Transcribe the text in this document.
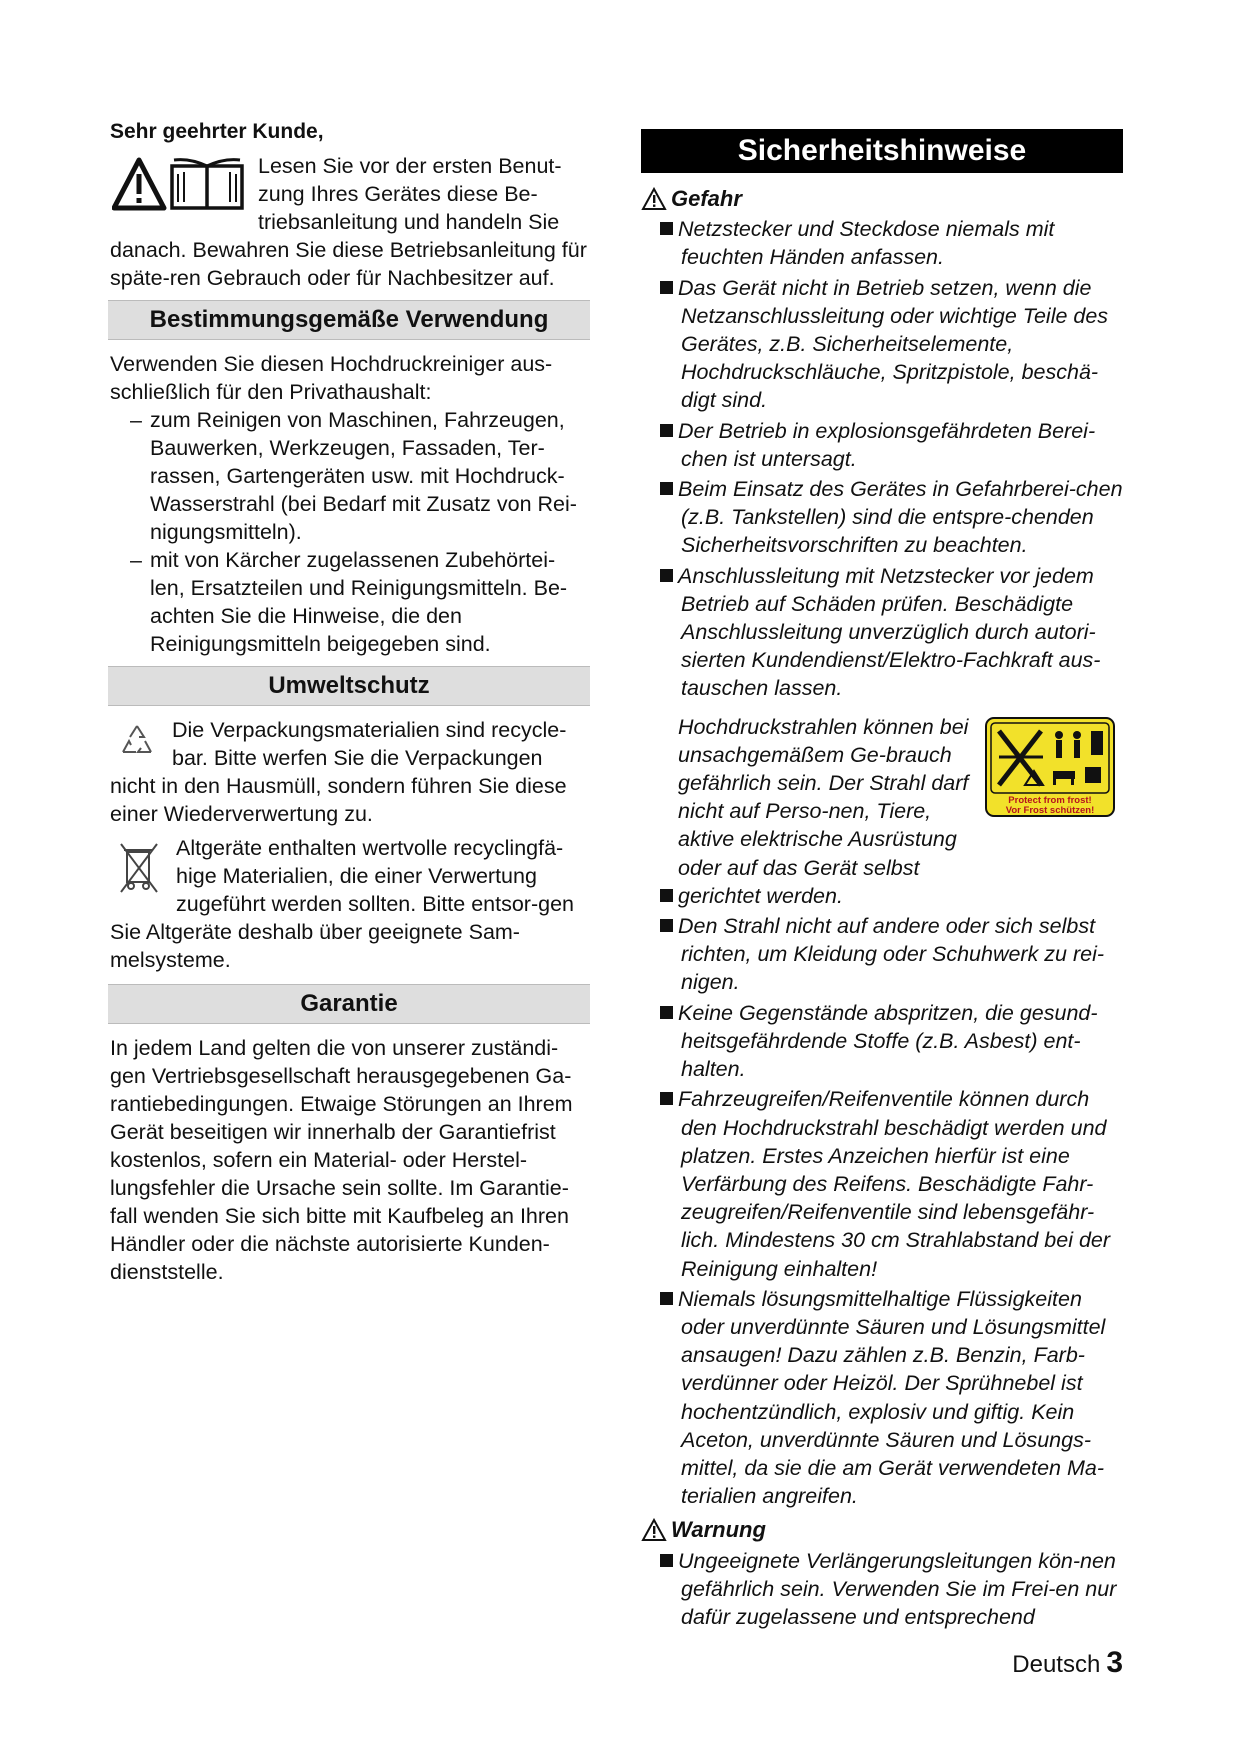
Sehr geehrter Kunde,

Lesen Sie vor der ersten Benut-zung Ihres Gerätes diese Be-triebsanleitung und handeln Sie danach. Bewahren Sie diese Betriebsanleitung für späte-ren Gebrauch oder für Nachbesitzer auf.

Bestimmungsgemäße Verwendung

Verwenden Sie diesen Hochdruckreiniger aus-schließlich für den Privathaushalt:

– zum Reinigen von Maschinen, Fahrzeugen, Bauwerken, Werkzeugen, Fassaden, Ter-rassen, Gartengeräten usw. mit Hochdruck-Wasserstrahl (bei Bedarf mit Zusatz von Rei-nigungsmitteln).
– mit von Kärcher zugelassenen Zubehörtei-len, Ersatzteilen und Reinigungsmitteln. Be-achten Sie die Hinweise, die den Reinigungsmitteln beigegeben sind.
Umweltschutz

Die Verpackungsmaterialien sind recycle-bar. Bitte werfen Sie die Verpackungen nicht in den Hausmüll, sondern führen Sie diese einer Wiederverwertung zu.

Altgeräte enthalten wertvolle recyclingfä-hige Materialien, die einer Verwertung zugeführt werden sollten. Bitte entsor-gen Sie Altgeräte deshalb über geeignete Sam-melsysteme.

Garantie

In jedem Land gelten die von unserer zuständi-gen Vertriebsgesellschaft herausgegebenen Ga-rantiebedingungen. Etwaige Störungen an Ihrem Gerät beseitigen wir innerhalb der Garantiefrist kostenlos, sofern ein Material- oder Herstel-lungsfehler die Ursache sein sollte. Im Garantie-fall wenden Sie sich bitte mit Kaufbeleg an Ihren Händler oder die nächste autorisierte Kunden-dienststelle.

Sicherheitshinweise
Gefahr
Netzstecker und Steckdose niemals mit feuchten Händen anfassen.
Das Gerät nicht in Betrieb setzen, wenn die Netzanschlussleitung oder wichtige Teile des Gerätes, z.B. Sicherheitselemente, Hochdruckschläuche, Spritzpistole, beschä-digt sind.
Der Betrieb in explosionsgefährdeten Berei-chen ist untersagt.
Beim Einsatz des Gerätes in Gefahrberei-chen (z.B. Tankstellen) sind die entspre-chenden Sicherheitsvorschriften zu beachten.
Anschlussleitung mit Netzstecker vor jedem Betrieb auf Schäden prüfen. Beschädigte Anschlussleitung unverzüglich durch autori-sierten Kundendienst/Elektro-Fachkraft aus-tauschen lassen.
Protect from frost!
Vor Frost schützen!
Hochdruckstrahlen können bei unsachgemäßem Ge-brauch gefährlich sein. Der Strahl darf nicht auf Perso-nen, Tiere, aktive elektrische Ausrüstung oder auf das Gerät selbst gerichtet werden.
Den Strahl nicht auf andere oder sich selbst richten, um Kleidung oder Schuhwerk zu rei-nigen.
Keine Gegenstände abspritzen, die gesund-heitsgefährdende Stoffe (z.B. Asbest) ent-halten.
Fahrzeugreifen/Reifenventile können durch den Hochdruckstrahl beschädigt werden und platzen. Erstes Anzeichen hierfür ist eine Verfärbung des Reifens. Beschädigte Fahr-zeugreifen/Reifenventile sind lebensgefähr-lich. Mindestens 30 cm Strahlabstand bei der Reinigung einhalten!
Niemals lösungsmittelhaltige Flüssigkeiten oder unverdünnte Säuren und Lösungsmittel ansaugen! Dazu zählen z.B. Benzin, Farb-verdünner oder Heizöl. Der Sprühnebel ist hochentzündlich, explosiv und giftig. Kein Aceton, unverdünnte Säuren und Lösungs-mittel, da sie die am Gerät verwendeten Ma-terialien angreifen.
Warnung
Ungeeignete Verlängerungsleitungen kön-nen gefährlich sein. Verwenden Sie im Frei-en nur dafür zugelassene und entsprechend
Deutsch 3
